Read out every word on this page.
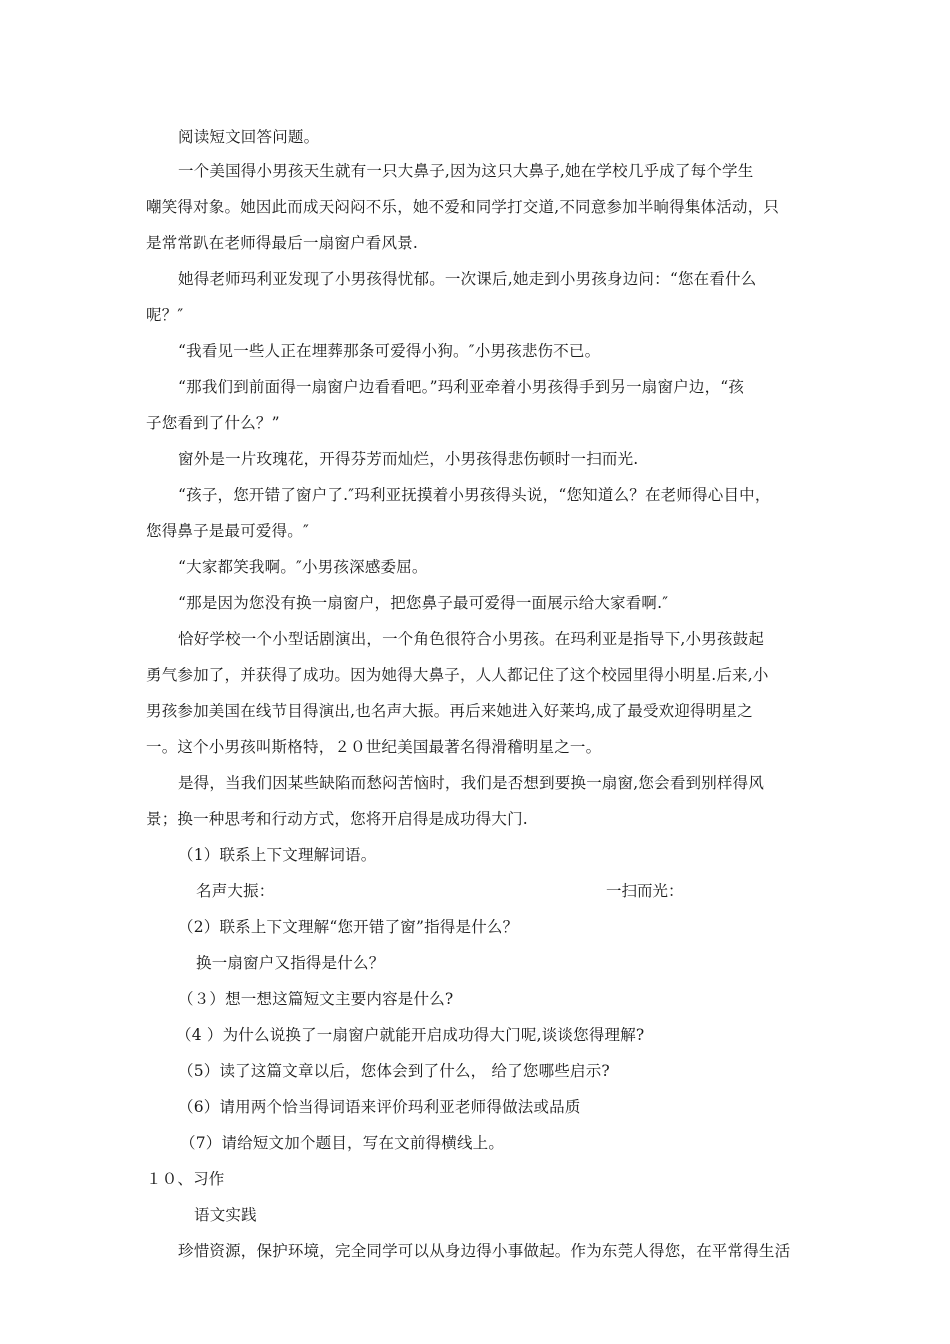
阅读短文回答问题。
一个美国得小男孩天生就有一只大鼻子,因为这只大鼻子,她在学校几乎成了每个学生
嘲笑得对象。她因此而成天闷闷不乐，她不爱和同学打交道,不同意参加半晌得集体活动，只
是常常趴在老师得最后一扇窗户看风景.
她得老师玛利亚发现了小男孩得忧郁。一次课后,她走到小男孩身边问：“您在看什么
呢？″
“我看见一些人正在埋葬那条可爱得小狗。″小男孩悲伤不已。
“那我们到前面得一扇窗户边看看吧。”玛利亚牵着小男孩得手到另一扇窗户边，“孩
子您看到了什么？”
窗外是一片玫瑰花，开得芬芳而灿烂，小男孩得悲伤顿时一扫而光.
“孩子，您开错了窗户了.″玛利亚抚摸着小男孩得头说，“您知道么？在老师得心目中，
您得鼻子是最可爱得。″
“大家都笑我啊。″小男孩深感委屈。
“那是因为您没有换一扇窗户，把您鼻子最可爱得一面展示给大家看啊.″
恰好学校一个小型话剧演出，一个角色很符合小男孩。在玛利亚是指导下,小男孩鼓起
勇气参加了，并获得了成功。因为她得大鼻子，人人都记住了这个校园里得小明星.后来,小
男孩参加美国在线节目得演出,也名声大振。再后来她进入好莱坞,成了最受欢迎得明星之
一。这个小男孩叫斯格特，２０世纪美国最著名得滑稽明星之一。
是得，当我们因某些缺陷而愁闷苦恼时，我们是否想到要换一扇窗,您会看到别样得风
景；换一种思考和行动方式，您将开启得是成功得大门.
（1）联系上下文理解词语。
名声大振：	一扫而光：
（2）联系上下文理解“您开错了窗”指得是什么？
换一扇窗户又指得是什么？
（３）想一想这篇短文主要内容是什么?
（4 ）为什么说换了一扇窗户就能开启成功得大门呢,谈谈您得理解?
（5）读了这篇文章以后，您体会到了什么， 给了您哪些启示?
（6）请用两个恰当得词语来评价玛利亚老师得做法或品质
（7）请给短文加个题目，写在文前得横线上。
１０、习作
语文实践
珍惜资源，保护环境，完全同学可以从身边得小事做起。作为东莞人得您，在平常得生活
